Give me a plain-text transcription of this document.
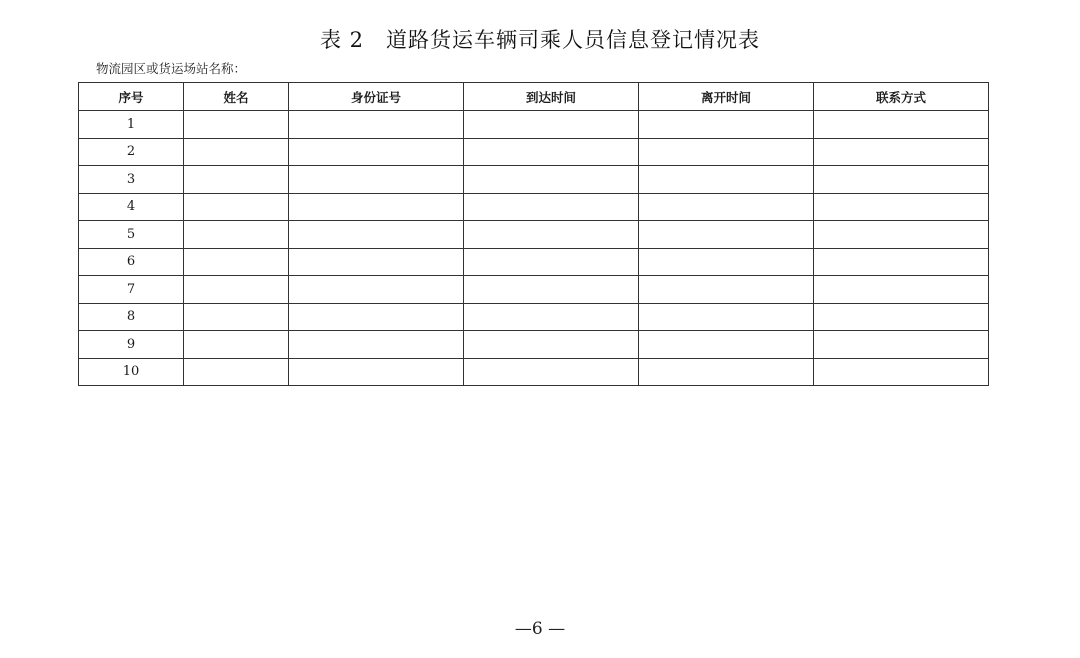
表 2　道路货运车辆司乘人员信息登记情况表
物流园区或货运场站名称：
序号	姓名	身份证号	到达时间	离开时间	联系方式
1					
2					
3					
4					
5					
6					
7					
8					
9					
10					
—6 —
